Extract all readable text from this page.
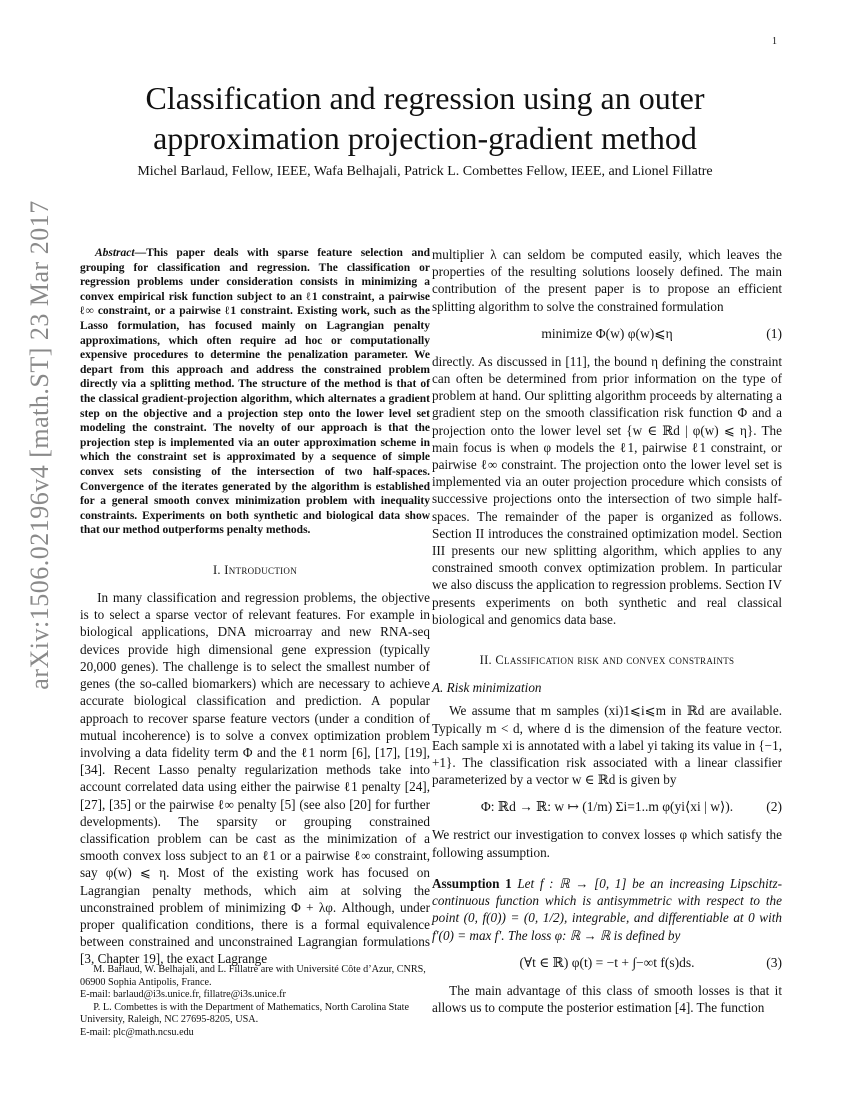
1
arXiv:1506.02196v4 [math.ST] 23 Mar 2017
Classification and regression using an outer approximation projection-gradient method
Michel Barlaud, Fellow, IEEE, Wafa Belhajali, Patrick L. Combettes Fellow, IEEE, and Lionel Fillatre

Abstract—This paper deals with sparse feature selection and grouping for classification and regression. The classification or regression problems under consideration consists in minimizing a convex empirical risk function subject to an ℓ1 constraint, a pairwise ℓ∞ constraint, or a pairwise ℓ1 constraint. Existing work, such as the Lasso formulation, has focused mainly on Lagrangian penalty approximations, which often require ad hoc or computationally expensive procedures to determine the penalization parameter. We depart from this approach and address the constrained problem directly via a splitting method. The structure of the method is that of the classical gradient-projection algorithm, which alternates a gradient step on the objective and a projection step onto the lower level set modeling the constraint. The novelty of our approach is that the projection step is implemented via an outer approximation scheme in which the constraint set is approximated by a sequence of simple convex sets consisting of the intersection of two half-spaces. Convergence of the iterates generated by the algorithm is established for a general smooth convex minimization problem with inequality constraints. Experiments on both synthetic and biological data show that our method outperforms penalty methods.

I. Introduction

In many classification and regression problems, the objective is to select a sparse vector of relevant features. For example in biological applications, DNA microarray and new RNA-seq devices provide high dimensional gene expression (typically 20,000 genes). The challenge is to select the smallest number of genes (the so-called biomarkers) which are necessary to achieve accurate biological classification and prediction. A popular approach to recover sparse feature vectors (under a condition of mutual incoherence) is to solve a convex optimization problem involving a data fidelity term Φ and the ℓ1 norm [6], [17], [19], [34]. Recent Lasso penalty regularization methods take into account correlated data using either the pairwise ℓ1 penalty [24], [27], [35] or the pairwise ℓ∞ penalty [5] (see also [20] for further developments). The sparsity or grouping constrained classification problem can be cast as the minimization of a smooth convex loss subject to an ℓ1 or a pairwise ℓ∞ constraint, say φ(w) ⩽ η. Most of the existing work has focused on Lagrangian penalty methods, which aim at solving the unconstrained problem of minimizing Φ + λφ. Although, under proper qualification conditions, there is a formal equivalence between constrained and unconstrained Lagrangian formulations [3, Chapter 19], the exact Lagrange

M. Barlaud, W. Belhajali, and L. Fillatre are with Université Côte d’Azur, CNRS, 06900 Sophia Antipolis, France.

E-mail: barlaud@i3s.unice.fr, fillatre@i3s.unice.fr

P. L. Combettes is with the Department of Mathematics, North Carolina State University, Raleigh, NC 27695-8205, USA.

E-mail: plc@math.ncsu.edu

multiplier λ can seldom be computed easily, which leaves the properties of the resulting solutions loosely defined. The main contribution of the present paper is to propose an efficient splitting algorithm to solve the constrained formulation

minimize Φ(w) φ(w)⩽η	(1)

directly. As discussed in [11], the bound η defining the constraint can often be determined from prior information on the type of problem at hand. Our splitting algorithm proceeds by alternating a gradient step on the smooth classification risk function Φ and a projection onto the lower level set {w ∈ ℝd | φ(w) ⩽ η}. The main focus is when φ models the ℓ1, pairwise ℓ1 constraint, or pairwise ℓ∞ constraint. The projection onto the lower level set is implemented via an outer projection procedure which consists of successive projections onto the intersection of two simple half-spaces. The remainder of the paper is organized as follows. Section II introduces the constrained optimization model. Section III presents our new splitting algorithm, which applies to any constrained smooth convex optimization problem. In particular we also discuss the application to regression problems. Section IV presents experiments on both synthetic and real classical biological and genomics data base.

II. Classification risk and convex constraints

A. Risk minimization

We assume that m samples (xi)1⩽i⩽m in ℝd are available. Typically m < d, where d is the dimension of the feature vector. Each sample xi is annotated with a label yi taking its value in {−1, +1}. The classification risk associated with a linear classifier parameterized by a vector w ∈ ℝd is given by

Φ: ℝd → ℝ: w ↦ (1/m) Σi=1..m φ(yi⟨xi | w⟩).	(2)

We restrict our investigation to convex losses φ which satisfy the following assumption.

Assumption 1 Let f : ℝ → [0, 1] be an increasing Lipschitz-continuous function which is antisymmetric with respect to the point (0, f(0)) = (0, 1/2), integrable, and differentiable at 0 with f′(0) = max f′. The loss φ: ℝ → ℝ is defined by

(∀t ∈ ℝ) φ(t) = −t + ∫−∞t f(s)ds.	(3)

The main advantage of this class of smooth losses is that it allows us to compute the posterior estimation [4]. The function
